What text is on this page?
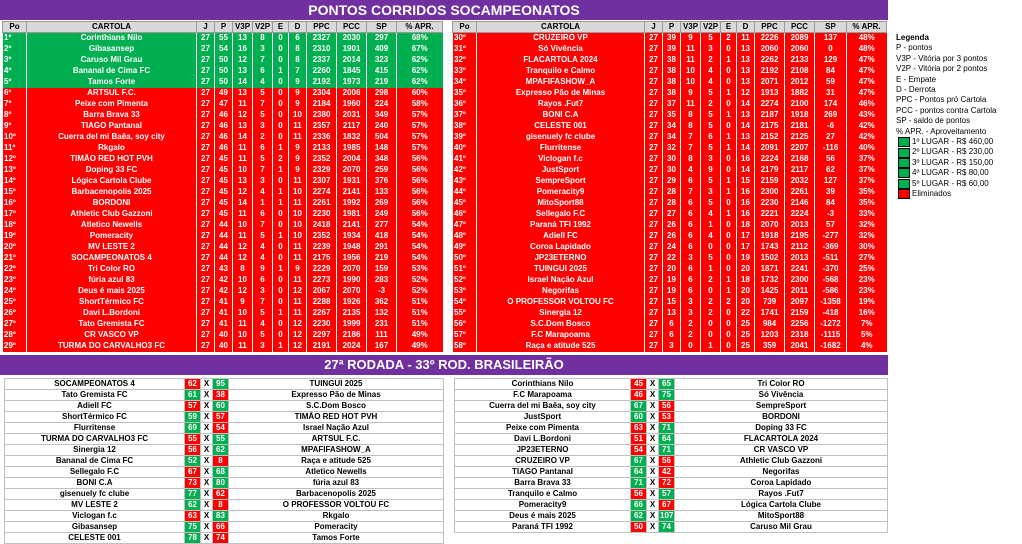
PONTOS CORRIDOS SOCAMPEONATOS
Po	CARTOLA	J	P	V3P	V2P	E	D	PPC	PCC	SP	% APR.
1º	Corinthians Nilo	27	55	13	8	0	6	2327	2030	297	68%
2º	Gibasansep	27	54	16	3	0	8	2310	1901	409	67%
3º	Caruso Mil Grau	27	50	12	7	0	8	2337	2014	323	62%
4º	Bananal de Cima FC	27	50	13	6	1	7	2260	1845	415	62%
5º	Tamos Forte	27	50	14	4	0	9	2192	1973	219	62%
6º	ARTSUL F.C.	27	49	13	5	0	9	2304	2006	298	60%
7º	Peixe com Pimenta	27	47	11	7	0	9	2184	1960	224	58%
8º	Barra Brava 33	27	46	12	5	0	10	2380	2031	349	57%
9º	TIAGO Pantanal	27	46	13	3	0	11	2357	2117	240	57%
10º	Cuerra del mi Baêa, soy city	27	46	14	2	0	11	2336	1832	504	57%
11º	Rkgalo	27	46	11	6	1	9	2133	1985	148	57%
12º	TIMÃO RED HOT PVH	27	45	11	5	2	9	2352	2004	348	56%
13º	Doping 33 FC	27	45	10	7	1	9	2329	2070	259	56%
14º	Lógica Cartola Clube	27	45	13	3	0	11	2307	1931	376	56%
15º	Barbacenopolis 2025	27	45	12	4	1	10	2274	2141	133	56%
16º	BORDONI	27	45	14	1	1	11	2261	1992	269	56%
17º	Athletic Club Gazzoni	27	45	11	6	0	10	2230	1981	249	56%
18º	Atletico Newells	27	44	10	7	0	10	2418	2141	277	54%
19º	Pomeracity	27	44	11	5	1	10	2352	1934	418	54%
20º	MV LESTE 2	27	44	12	4	0	11	2239	1948	291	54%
21º	SOCAMPEONATOS 4	27	44	12	4	0	11	2175	1956	219	54%
22º	Tri Color RO	27	43	8	9	1	9	2229	2070	159	53%
23º	fúria azul 83	27	42	10	6	0	11	2273	1990	283	52%
24º	Deus é mais 2025	27	42	12	3	0	12	2067	2070	-3	52%
25º	ShortTérmico FC	27	41	9	7	0	11	2288	1926	362	51%
26º	Davi L.Bordoni	27	41	10	5	1	11	2267	2135	132	51%
27º	Tato Gremista FC	27	41	11	4	0	12	2230	1999	231	51%
28º	CR VASCO VP	27	40	10	5	0	12	2297	2186	111	49%
29º	TURMA DO CARVALHO3 FC	27	40	11	3	1	12	2191	2024	167	49%
Po	CARTOLA	J	P	V3P	V2P	E	D	PPC	PCC	SP	% APR.
30º	CRUZEIRO VP	27	39	9	5	2	11	2226	2089	137	48%
31º	Só Vivência	27	39	11	3	0	13	2060	2060	0	48%
32º	FLACARTOLA 2024	27	38	11	2	1	13	2262	2133	129	47%
33º	Tranquilo e Calmo	27	38	10	4	0	13	2192	2108	84	47%
34º	MPAFIFASHOW_A	27	38	10	4	0	13	2071	2012	59	47%
35º	Expresso Pão de Minas	27	38	9	5	1	12	1913	1882	31	47%
36º	Rayos .Fut7	27	37	11	2	0	14	2274	2100	174	46%
37º	BONI C.A	27	35	8	5	1	13	2187	1918	269	43%
38º	CELESTE 001	27	34	8	5	0	14	2175	2181	-6	42%
39º	gisenuely fc clube	27	34	7	6	1	13	2152	2125	27	42%
40º	Flurritense	27	32	7	5	1	14	2091	2207	-116	40%
41º	Viclogan f.c	27	30	8	3	0	16	2224	2168	56	37%
42º	JustSport	27	30	4	9	0	14	2179	2117	62	37%
43º	SempreSport	27	29	6	5	1	15	2159	2032	127	37%
44º	Pomeracity9	27	28	7	3	1	16	2300	2261	39	35%
45º	MitoSport88	27	28	6	5	0	16	2230	2146	84	35%
46º	Sellegalo F.C	27	27	6	4	1	16	2221	2224	-3	33%
47º	Paraná TFI 1992	27	26	6	1	0	18	2070	2013	57	32%
48º	Adiell FC	27	26	6	4	0	17	1918	2195	-277	32%
49º	Coroa Lapidado	27	24	6	0	0	17	1743	2112	-369	30%
50º	JP23ETERNO	27	22	3	5	0	19	1502	2013	-511	27%
51º	TUINGUI 2025	27	20	6	1	0	20	1871	2241	-370	25%
52º	Israel Nação Azul	27	19	6	2	1	18	1732	2300	-568	23%
53º	Negorifas	27	19	6	0	1	20	1425	2011	-586	23%
54º	O PROFESSOR VOLTOU FC	27	15	3	2	2	20	739	2097	-1358	19%
55º	Sinergia 12	27	13	3	2	0	22	1741	2159	-418	16%
56º	S.C.Dom Bosco	27	6	2	0	0	25	984	2256	-1272	7%
57º	F.C Marapoama	27	6	2	0	0	25	1203	2318	-1115	5%
58º	Raça e atitude 525	27	3	0	1	0	25	359	2041	-1682	4%
Legenda
P - pontos
V3P - Vitória por 3 pontos
V2P - Vitória por 2 pontos
E - Empate
D - Derrota
PPC - Pontos pró Cartola
PCC - pontos contra Cartola
SP - saldo de pontos
% APR. - Aproveitamento
1º LUGAR - R$ 460,00
2º LUGAR - R$ 230,00
3º LUGAR - R$ 150,00
4º LUGAR - R$ 80,00
5º LUGAR - R$ 60,00
Eliminados
27ª RODADA - 33º ROD. BRASILEIRÃO
SOCAMPEONATOS 4	62	X	95	TUINGUI 2025
Tato Gremista FC	61	X	38	Expresso Pão de Minas
Adiell FC	57	X	60	S.C.Dom Bosco
ShortTérmico FC	59	X	57	TIMÃO RED HOT PVH
Flurritense	69	X	54	Israel Nação Azul
TURMA DO CARVALHO3 FC	55	X	55	ARTSUL F.C.
Sinergia 12	56	X	62	MPAFIFASHOW_A
Bananal de Cima FC	52	X	8	Raça e atitude 525
Sellegalo F.C	67	X	68	Atletico Newells
BONI C.A	73	X	80	fúria azul 83
gisenuely fc clube	77	X	62	Barbacenopolis 2025
MV LESTE 2	62	X	8	O PROFESSOR VOLTOU FC
Viclogan f.c	63	X	83	Rkgalo
Gibasansep	75	X	66	Pomeracity
CELESTE 001	78	X	74	Tamos Forte
Corinthians Nilo	45	X	65	Tri Color RO
F.C Marapoama	46	X	75	Só Vivência
Cuerra del mi Baêa, soy city	67	X	56	SempreSport
JustSport	60	X	53	BORDONI
Peixe com Pimenta	63	X	71	Doping 33 FC
Davi L.Bordoni	51	X	64	FLACARTOLA 2024
JP23ETERNO	54	X	71	CR VASCO VP
CRUZEIRO VP	67	X	56	Athletic Club Gazzoni
TIAGO Pantanal	64	X	42	Negorifas
Barra Brava 33	71	X	72	Coroa Lapidado
Tranquilo e Calmo	56	X	57	Rayos .Fut7
Pomeracity9	66	X	67	Lógica Cartola Clube
Deus é mais 2025	62	X	107	MitoSport88
Paraná TFI 1992	50	X	74	Caruso Mil Grau
